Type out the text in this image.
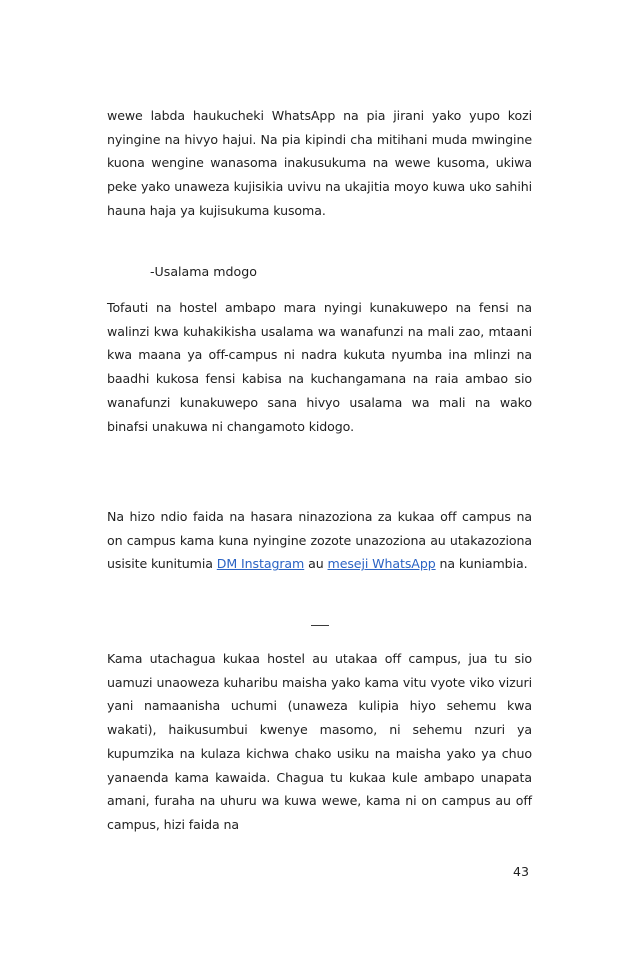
wewe labda haukucheki WhatsApp na pia jirani yako yupo kozi nyingine na hivyo hajui. Na pia kipindi cha mitihani muda mwingine kuona wengine wanasoma inakusukuma na wewe kusoma, ukiwa peke yako unaweza kujisikia uvivu na ukajitia moyo kuwa uko sahihi hauna haja ya kujisukuma kusoma.

-Usalama mdogo

Tofauti na hostel ambapo mara nyingi kunakuwepo na fensi na walinzi kwa kuhakikisha usalama wa wanafunzi na mali zao, mtaani kwa maana ya off-campus ni nadra kukuta nyumba ina mlinzi na baadhi kukosa fensi kabisa na kuchangamana na raia ambao sio wanafunzi kunakuwepo sana hivyo usalama wa mali na wako binafsi unakuwa ni changamoto kidogo.

Na hizo ndio faida na hasara ninazoziona za kukaa off campus na on campus kama kuna nyingine zozote unazoziona au utakazoziona usisite kunitumia DM Instagram au meseji WhatsApp na kuniambia.

Kama utachagua kukaa hostel au utakaa off campus, jua tu sio uamuzi unaoweza kuharibu maisha yako kama vitu vyote viko vizuri yani namaanisha uchumi (unaweza kulipia hiyo sehemu kwa wakati), haikusumbui kwenye masomo, ni sehemu nzuri ya kupumzika na kulaza kichwa chako usiku na maisha yako ya chuo yanaenda kama kawaida. Chagua tu kukaa kule ambapo unapata amani, furaha na uhuru wa kuwa wewe, kama ni on campus au off campus, hizi faida na

43
